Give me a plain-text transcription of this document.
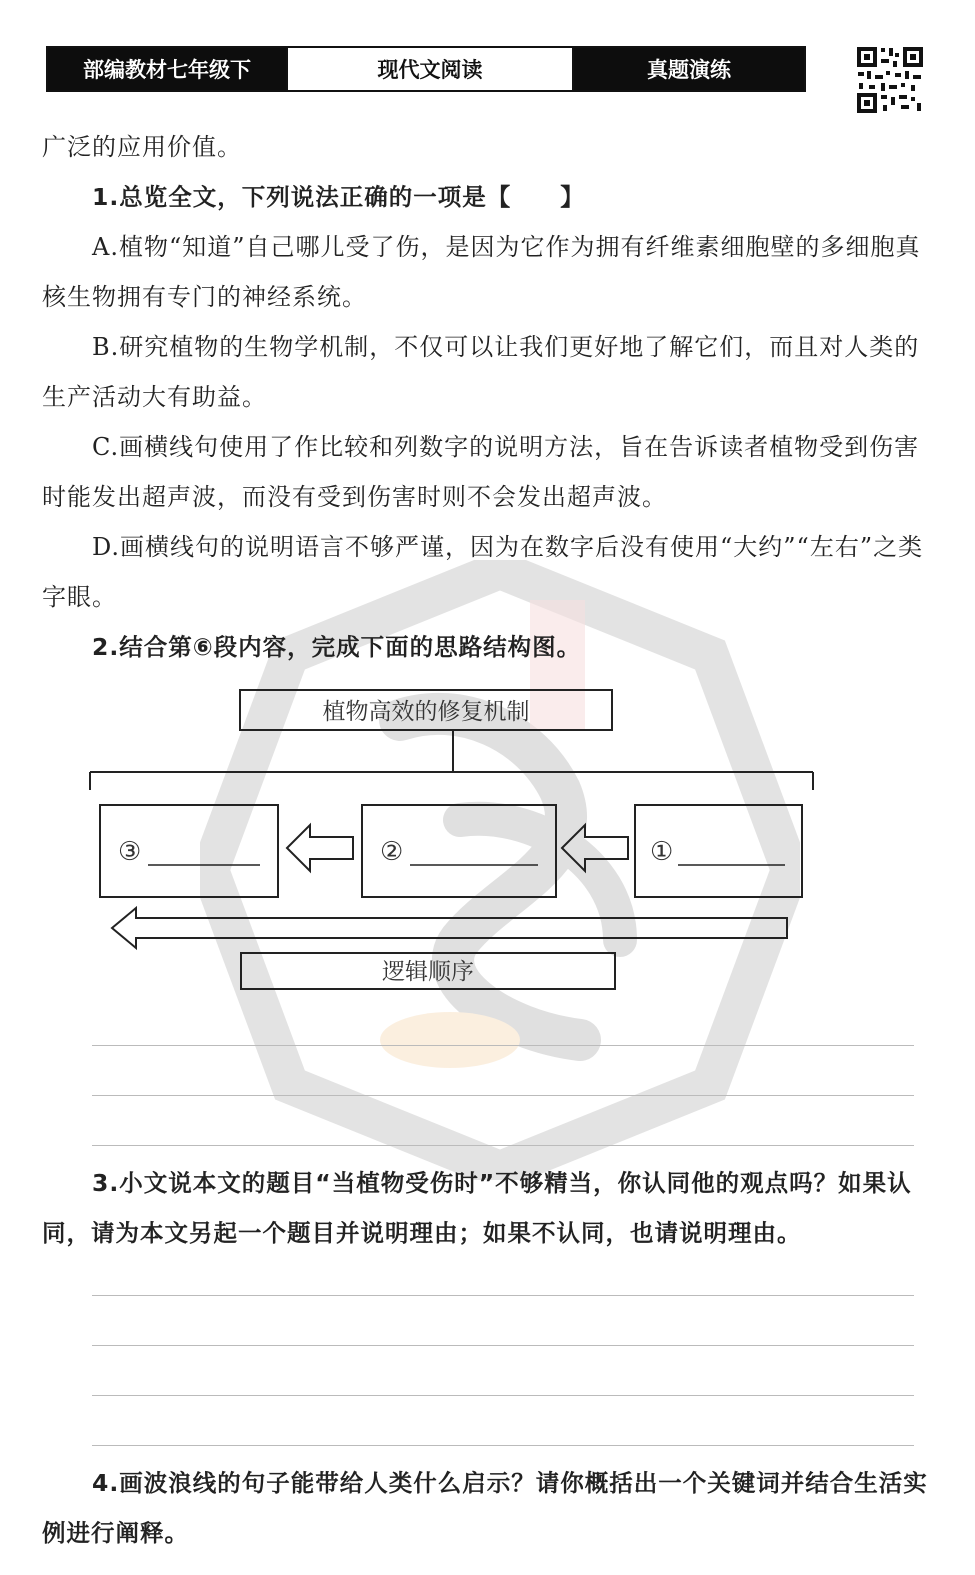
部编教材七年级下	现代文阅读	真题演练

广泛的应用价值。

1.总览全文，下列说法正确的一项是【　　】

A.植物“知道”自己哪儿受了伤，是因为它作为拥有纤维素细胞壁的多细胞真核生物拥有专门的神经系统。

B.研究植物的生物学机制，不仅可以让我们更好地了解它们，而且对人类的生产活动大有助益。

C.画横线句使用了作比较和列数字的说明方法，旨在告诉读者植物受到伤害时能发出超声波，而没有受到伤害时则不会发出超声波。

D.画横线句的说明语言不够严谨，因为在数字后没有使用“大约”“左右”之类字眼。

2.结合第⑥段内容，完成下面的思路结构图。

植物高效的修复机制
③	②	①
逻辑顺序

3.小文说本文的题目“当植物受伤时”不够精当，你认同他的观点吗？如果认同，请为本文另起一个题目并说明理由；如果不认同，也请说明理由。

4.画波浪线的句子能带给人类什么启示？请你概括出一个关键词并结合生活实例进行阐释。
